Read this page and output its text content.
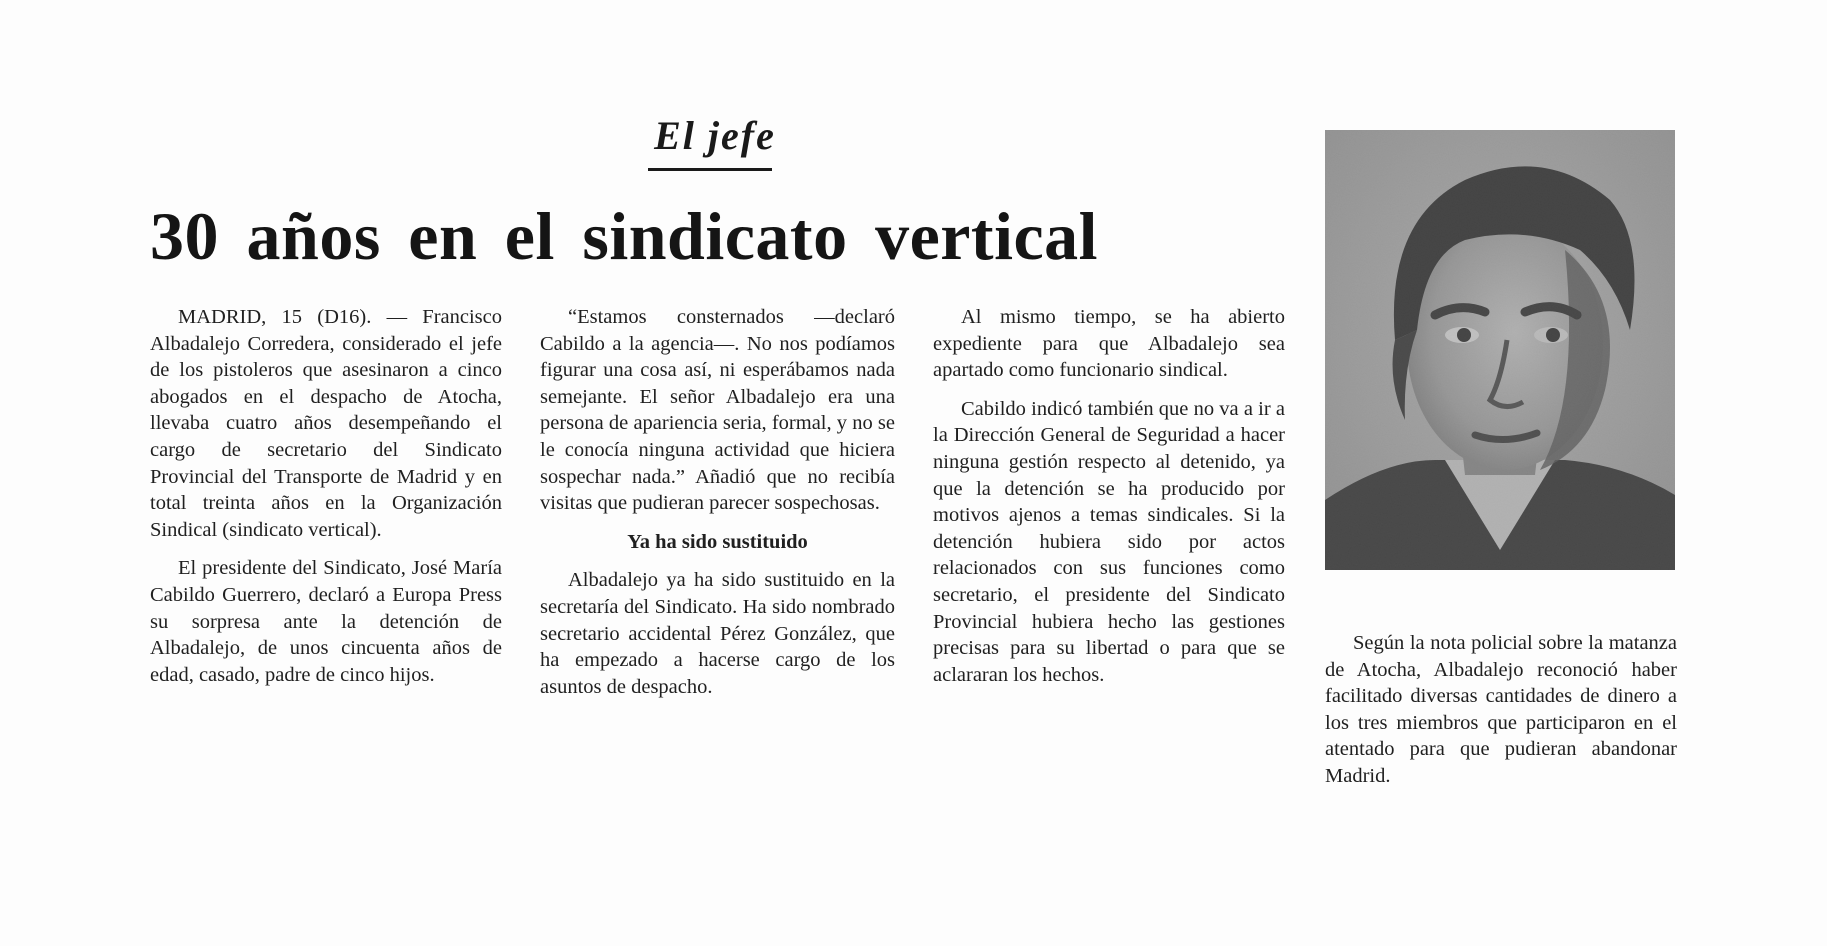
El jefe
30 años en el sindicato vertical

MADRID, 15 (D16). — Francisco Albadalejo Corredera, considerado el jefe de los pistoleros que asesinaron a cinco abogados en el despacho de Atocha, llevaba cuatro años desempeñando el cargo de secretario del Sindicato Provincial del Transporte de Madrid y en total treinta años en la Organización Sindical (sindicato vertical).

El presidente del Sindicato, José María Cabildo Guerrero, declaró a Europa Press su sorpresa ante la detención de Albadalejo, de unos cincuenta años de edad, casado, padre de cinco hijos.

“Estamos consternados —declaró Cabildo a la agencia—. No nos podíamos figurar una cosa así, ni esperábamos nada semejante. El señor Albadalejo era una persona de apariencia seria, formal, y no se le conocía ninguna actividad que hiciera sospechar nada.” Añadió que no recibía visitas que pudieran parecer sospechosas.

Ya ha sido sustituido

Albadalejo ya ha sido sustituido en la secretaría del Sindicato. Ha sido nombrado secretario accidental Pérez González, que ha empezado a hacerse cargo de los asuntos de despacho.

Al mismo tiempo, se ha abierto expediente para que Albadalejo sea apartado como funcionario sindical.

Cabildo indicó también que no va a ir a la Dirección General de Seguridad a hacer ninguna gestión respecto al detenido, ya que la detención se ha producido por motivos ajenos a temas sindicales. Si la detención hubiera sido por actos relacionados con sus funciones como secretario, el presidente del Sindicato Provincial hubiera hecho las gestiones precisas para su libertad o para que se aclararan los hechos.

Según la nota policial sobre la matanza de Atocha, Albadalejo reconoció haber facilitado diversas cantidades de dinero a los tres miembros que participaron en el atentado para que pudieran abandonar Madrid.
